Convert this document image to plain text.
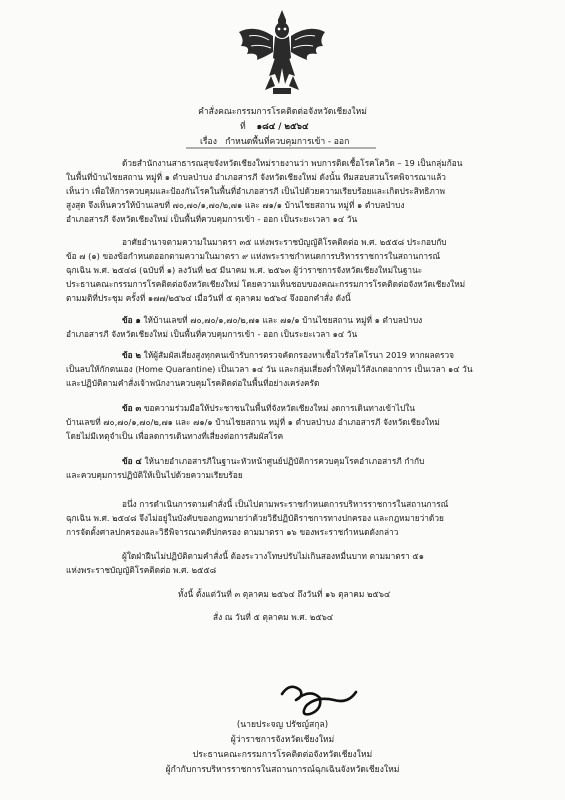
คำสั่งคณะกรรมการโรคติดต่อจังหวัดเชียงใหม่
ที่ ๑๘๔ / ๒๕๖๔
เรื่อง กำหนดพื้นที่ควบคุมการเข้า - ออก
ด้วยสำนักงานสาธารณสุขจังหวัดเชียงใหม่รายงานว่า พบการติดเชื้อโรคโควิด – 19 เป็นกลุ่มก้อน
ในพื้นที่บ้านไชยสถาน หมู่ที่ ๑ ตำบลป่าบง อำเภอสารภี จังหวัดเชียงใหม่ ดังนั้น ทีมสอบสวนโรคพิจารณาแล้ว
เห็นว่า เพื่อให้การควบคุมและป้องกันโรคในพื้นที่อำเภอสารภี เป็นไปด้วยความเรียบร้อยและเกิดประสิทธิภาพ
สูงสุด จึงเห็นควรให้บ้านเลขที่ ๗๐,๗๐/๑,๗๐/๒,๗๑ และ ๗๑/๑ บ้านไชยสถาน หมู่ที่ ๑ ตำบลป่าบง
อำเภอสารภี จังหวัดเชียงใหม่ เป็นพื้นที่ควบคุมการเข้า - ออก เป็นระยะเวลา ๑๔ วัน
อาศัยอำนาจตามความในมาตรา ๓๕ แห่งพระราชบัญญัติโรคติดต่อ พ.ศ. ๒๕๕๘ ประกอบกับ
ข้อ ๗ (๑) ของข้อกำหนดออกตามความในมาตรา ๙ แห่งพระราชกำหนดการบริหารราชการในสถานการณ์
ฉุกเฉิน พ.ศ. ๒๕๔๘ (ฉบับที่ ๑) ลงวันที่ ๒๕ มีนาคม พ.ศ. ๒๕๖๓ ผู้ว่าราชการจังหวัดเชียงใหม่ในฐานะ
ประธานคณะกรรมการโรคติดต่อจังหวัดเชียงใหม่ โดยความเห็นชอบของคณะกรรมการโรคติดต่อจังหวัดเชียงใหม่
ตามมติที่ประชุม ครั้งที่ ๑๗๗/๒๕๖๔ เมื่อวันที่ ๕ ตุลาคม ๒๕๖๔ จึงออกคำสั่ง ดังนี้
ข้อ ๑ ให้บ้านเลขที่ ๗๐,๗๐/๑,๗๐/๒,๗๑ และ ๗๑/๑ บ้านไชยสถาน หมู่ที่ ๑ ตำบลป่าบง
อำเภอสารภี จังหวัดเชียงใหม่ เป็นพื้นที่ควบคุมการเข้า - ออก เป็นระยะเวลา ๑๔ วัน
ข้อ ๒ ให้ผู้สัมผัสเสี่ยงสูงทุกคนเข้ารับการตรวจคัดกรองหาเชื้อไวรัสโคโรนา 2019 หากผลตรวจ
เป็นลบให้กักตนเอง (Home Quarantine) เป็นเวลา ๑๔ วัน และกลุ่มเสี่ยงต่ำให้คุมไว้สังเกตอาการ เป็นเวลา ๑๔ วัน
และปฏิบัติตามคำสั่งเจ้าพนักงานควบคุมโรคติดต่อในพื้นที่อย่างเคร่งครัด
ข้อ ๓ ขอความร่วมมือให้ประชาชนในพื้นที่จังหวัดเชียงใหม่ งดการเดินทางเข้าไปใน
บ้านเลขที่ ๗๐,๗๐/๑,๗๐/๒,๗๑ และ ๗๑/๑ บ้านไชยสถาน หมู่ที่ ๑ ตำบลป่าบง อำเภอสารภี จังหวัดเชียงใหม่
โดยไม่มีเหตุจำเป็น เพื่อลดการเดินทางที่เสี่ยงต่อการสัมผัสโรค
ข้อ ๔ ให้นายอำเภอสารภีในฐานะหัวหน้าศูนย์ปฏิบัติการควบคุมโรคอำเภอสารภี กำกับ
และควบคุมการปฏิบัติให้เป็นไปด้วยความเรียบร้อย
อนึ่ง การดำเนินการตามคำสั่งนี้ เป็นไปตามพระราชกำหนดการบริหารราชการในสถานการณ์
ฉุกเฉิน พ.ศ. ๒๕๔๘ จึงไม่อยู่ในบังคับของกฎหมายว่าด้วยวิธีปฏิบัติราชการทางปกครอง และกฎหมายว่าด้วย
การจัดตั้งศาลปกครองและวิธีพิจารณาคดีปกครอง ตามมาตรา ๑๖ ของพระราชกำหนดดังกล่าว
ผู้ใดฝ่าฝืนไม่ปฏิบัติตามคำสั่งนี้ ต้องระวางโทษปรับไม่เกินสองหมื่นบาท ตามมาตรา ๕๑
แห่งพระราชบัญญัติโรคติดต่อ พ.ศ. ๒๕๕๘
ทั้งนี้ ตั้งแต่วันที่ ๓ ตุลาคม ๒๕๖๔ ถึงวันที่ ๑๖ ตุลาคม ๒๕๖๔
สั่ง ณ วันที่ ๕ ตุลาคม พ.ศ. ๒๕๖๔
(นายประจญ ปรัชญ์สกุล)
ผู้ว่าราชการจังหวัดเชียงใหม่
ประธานคณะกรรมการโรคติดต่อจังหวัดเชียงใหม่
ผู้กำกับการบริหารราชการในสถานการณ์ฉุกเฉินจังหวัดเชียงใหม่
